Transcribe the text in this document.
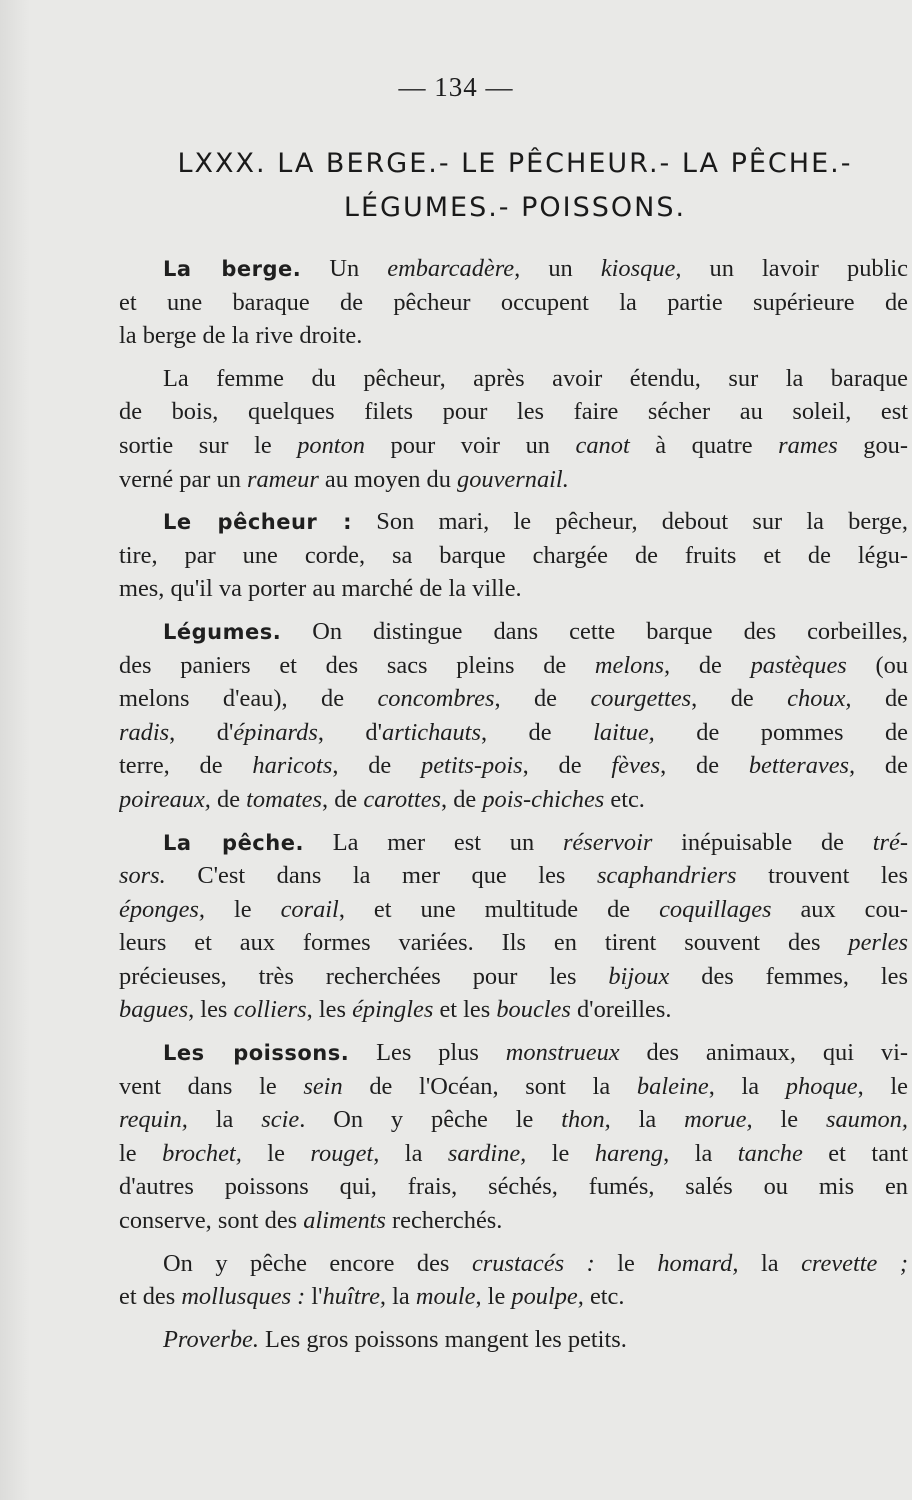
— 134 —
LXXX. LA BERGE.- LE PÊCHEUR.- LA PÊCHE.-
LÉGUMES.- POISSONS.
La berge. Un embarcadère, un kiosque, un lavoir public
et une baraque de pêcheur occupent la partie supérieure de
la berge de la rive droite.
La femme du pêcheur, après avoir étendu, sur la baraque
de bois, quelques filets pour les faire sécher au soleil, est
sortie sur le ponton pour voir un canot à quatre rames gou-
verné par un rameur au moyen du gouvernail.
Le pêcheur : Son mari, le pêcheur, debout sur la berge,
tire, par une corde, sa barque chargée de fruits et de légu-
mes, qu'il va porter au marché de la ville.
Légumes. On distingue dans cette barque des corbeilles,
des paniers et des sacs pleins de melons, de pastèques (ou
melons d'eau), de concombres, de courgettes, de choux, de
radis, d'épinards, d'artichauts, de laitue, de pommes de
terre, de haricots, de petits-pois, de fèves, de betteraves, de
poireaux, de tomates, de carottes, de pois-chiches etc.
La pêche. La mer est un réservoir inépuisable de tré-
sors. C'est dans la mer que les scaphandriers trouvent les
éponges, le corail, et une multitude de coquillages aux cou-
leurs et aux formes variées. Ils en tirent souvent des perles
précieuses, très recherchées pour les bijoux des femmes, les
bagues, les colliers, les épingles et les boucles d'oreilles.
Les poissons. Les plus monstrueux des animaux, qui vi-
vent dans le sein de l'Océan, sont la baleine, la phoque, le
requin, la scie. On y pêche le thon, la morue, le saumon,
le brochet, le rouget, la sardine, le hareng, la tanche et tant
d'autres poissons qui, frais, séchés, fumés, salés ou mis en
conserve, sont des aliments recherchés.
On y pêche encore des crustacés : le homard, la crevette ;
et des mollusques : l'huître, la moule, le poulpe, etc.
Proverbe. Les gros poissons mangent les petits.
